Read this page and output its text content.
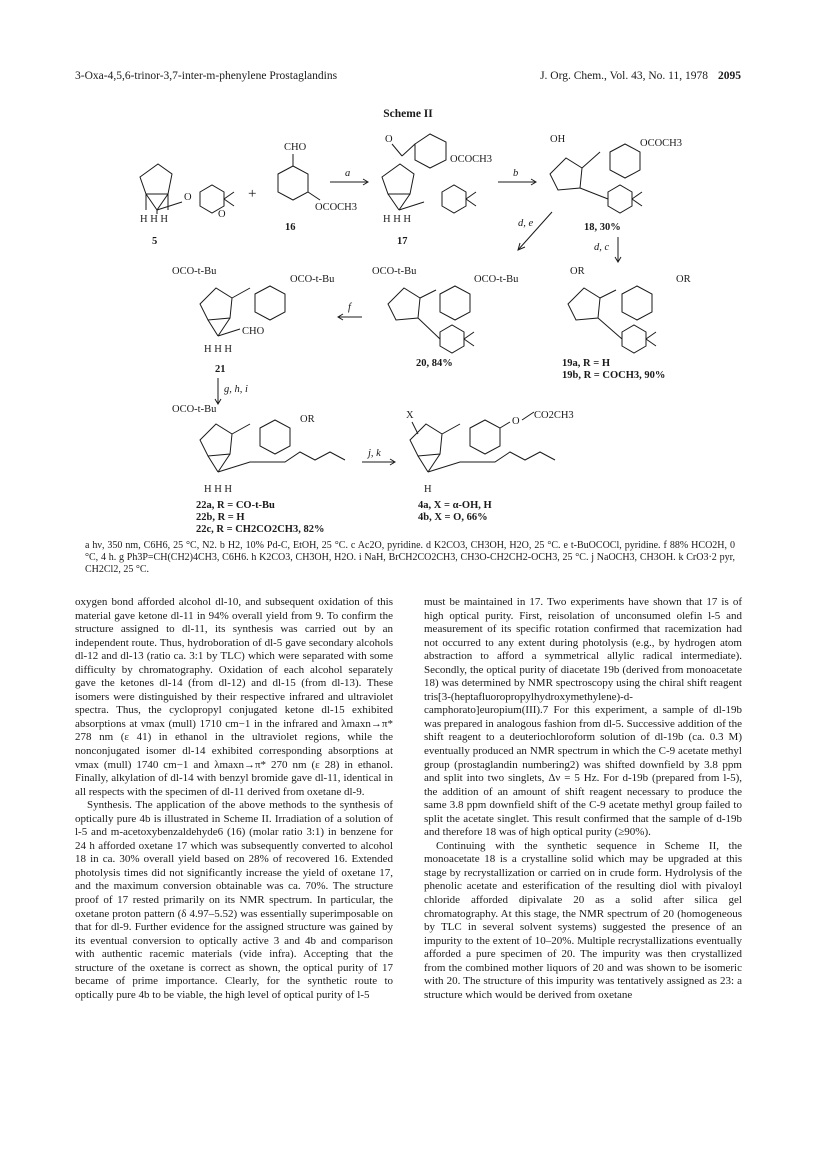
3-Oxa-4,5,6-trinor-3,7-inter-m-phenylene Prostaglandins	J. Org. Chem., Vol. 43, No. 11, 1978 2095
Scheme II
O
O
H H H
5
+
CHO
OCOCH3
16
a
O
OCOCH3
H H H
17
b
OH	OCOCH3
18, 30%
d, e
d, c
OCO-t-Bu
OCO-t-Bu
CHO
H H H
21
f
OCO-t-Bu
OCO-t-Bu
20, 84%
OR
OR
19a, R = H
19b, R = COCH3, 90%
g, h, i
OCO-t-Bu
OR
H H H
22a, R = CO-t-Bu
22b, R = H
22c, R = CH2CO2CH3, 82%
j, k
X
O
CO2CH3
H
4a, X = α-OH, H
4b, X = O, 66%
a hν, 350 nm, C6H6, 25 °C, N2. b H2, 10% Pd-C, EtOH, 25 °C. c Ac2O, pyridine. d K2CO3, CH3OH, H2O, 25 °C. e t-BuOCOCl, pyridine. f 88% HCO2H, 0 °C, 4 h. g Ph3P=CH(CH2)4CH3, C6H6. h K2CO3, CH3OH, H2O. i NaH, BrCH2CO2CH3, CH3O-CH2CH2-OCH3, 25 °C. j NaOCH3, CH3OH. k CrO3·2 pyr, CH2Cl2, 25 °C.

oxygen bond afforded alcohol dl-10, and subsequent oxidation of this material gave ketone dl-11 in 94% overall yield from 9. To confirm the structure assigned to dl-11, its synthesis was carried out by an independent route. Thus, hydroboration of dl-5 gave secondary alcohols dl-12 and dl-13 (ratio ca. 3:1 by TLC) which were separated with some difficulty by chromatography. Oxidation of each alcohol separately gave the ketones dl-14 (from dl-12) and dl-15 (from dl-13). These isomers were distinguished by their respective infrared and ultraviolet spectra. Thus, the cyclopropyl conjugated ketone dl-15 exhibited absorptions at νmax (mull) 1710 cm−1 in the infrared and λmaxn→π* 278 nm (ε 41) in ethanol in the ultraviolet regions, while the nonconjugated isomer dl-14 exhibited corresponding absorptions at νmax (mull) 1740 cm−1 and λmaxn→π* 270 nm (ε 28) in ethanol. Finally, alkylation of dl-14 with benzyl bromide gave dl-11, identical in all respects with the specimen of dl-11 derived from oxetane dl-9.

Synthesis. The application of the above methods to the synthesis of optically pure 4b is illustrated in Scheme II. Irradiation of a solution of l-5 and m-acetoxybenzaldehyde6 (16) (molar ratio 3:1) in benzene for 24 h afforded oxetane 17 which was subsequently converted to alcohol 18 in ca. 30% overall yield based on 28% of recovered 16. Extended photolysis times did not significantly increase the yield of oxetane 17, and the maximum conversion obtainable was ca. 70%. The structure proof of 17 rested primarily on its NMR spectrum. In particular, the oxetane proton pattern (δ 4.97–5.52) was essentially superimposable on that for dl-9. Further evidence for the assigned structure was gained by its eventual conversion to optically active 3 and 4b and comparison with authentic racemic materials (vide infra). Accepting that the structure of the oxetane is correct as shown, the optical purity of 17 became of prime importance. Clearly, for the synthetic route to optically pure 4b to be viable, the high level of optical purity of l-5

must be maintained in 17. Two experiments have shown that 17 is of high optical purity. First, reisolation of unconsumed olefin l-5 and measurement of its specific rotation confirmed that racemization had not occurred to any extent during photolysis (e.g., by hydrogen atom abstraction to afford a symmetrical allylic radical intermediate). Secondly, the optical purity of diacetate 19b (derived from monoacetate 18) was determined by NMR spectroscopy using the chiral shift reagent tris[3-(heptafluoropropylhydroxymethylene)-d-camphorato]europium(III).7 For this experiment, a sample of dl-19b was prepared in analogous fashion from dl-5. Successive addition of the shift reagent to a deuteriochloroform solution of dl-19b (ca. 0.3 M) eventually produced an NMR spectrum in which the C-9 acetate methyl group (prostaglandin numbering2) was shifted downfield by 3.8 ppm and split into two singlets, Δν = 5 Hz. For d-19b (prepared from l-5), the addition of an amount of shift reagent necessary to produce the same 3.8 ppm downfield shift of the C-9 acetate methyl group failed to split the acetate singlet. This result confirmed that the sample of d-19b and therefore 18 was of high optical purity (≥90%).

Continuing with the synthetic sequence in Scheme II, the monoacetate 18 is a crystalline solid which may be upgraded at this stage by recrystallization or carried on in crude form. Hydrolysis of the phenolic acetate and esterification of the resulting diol with pivaloyl chloride afforded dipivalate 20 as a solid after silica gel chromatography. At this stage, the NMR spectrum of 20 (homogeneous by TLC in several solvent systems) suggested the presence of an impurity to the extent of 10–20%. Multiple recrystallizations eventually afforded a pure specimen of 20. The impurity was then crystallized from the combined mother liquors of 20 and was shown to be isomeric with 20. The structure of this impurity was tentatively assigned as 23: a structure which would be derived from oxetane
